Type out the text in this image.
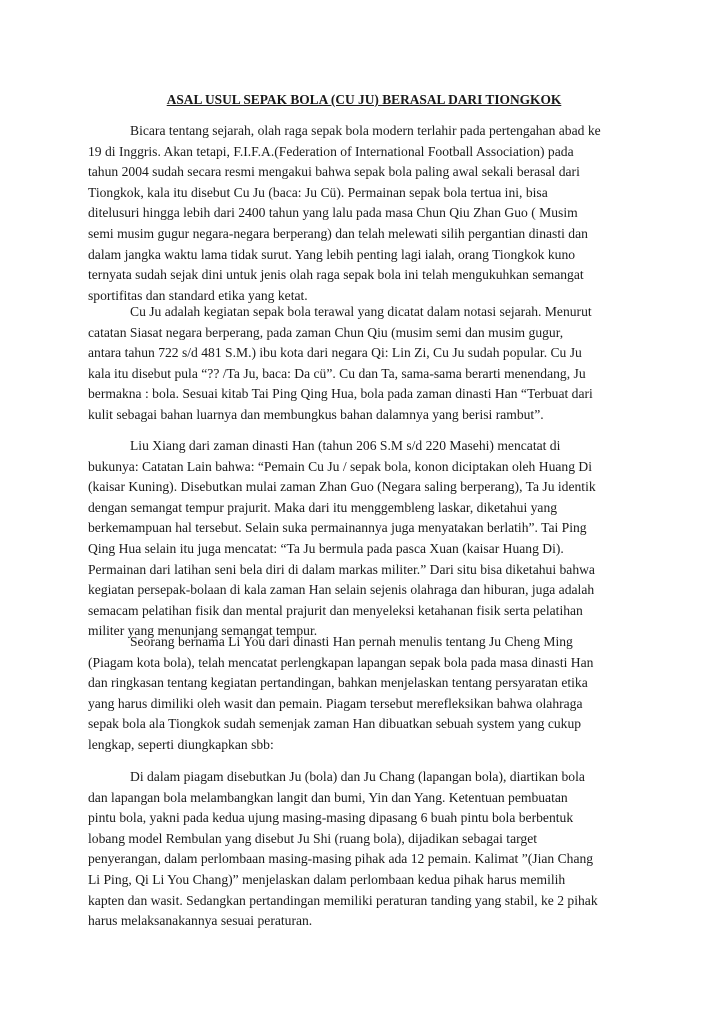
ASAL USUL SEPAK BOLA (CU JU) BERASAL DARI TIONGKOK

Bicara tentang sejarah, olah raga sepak bola modern terlahir pada pertengahan abad ke
19 di Inggris. Akan tetapi, F.I.F.A.(Federation of International Football Association) pada
tahun 2004 sudah secara resmi mengakui bahwa sepak bola paling awal sekali berasal dari
Tiongkok, kala itu disebut Cu Ju (baca: Ju Cü). Permainan sepak bola tertua ini, bisa
ditelusuri hingga lebih dari 2400 tahun yang lalu pada masa Chun Qiu Zhan Guo ( Musim
semi musim gugur negara-negara berperang) dan telah melewati silih pergantian dinasti dan
dalam jangka waktu lama tidak surut. Yang lebih penting lagi ialah, orang Tiongkok kuno
ternyata sudah sejak dini untuk jenis olah raga sepak bola ini telah mengukuhkan semangat
sportifitas dan standard etika yang ketat.

Cu Ju adalah kegiatan sepak bola terawal yang dicatat dalam notasi sejarah. Menurut
catatan Siasat negara berperang, pada zaman Chun Qiu (musim semi dan musim gugur,
antara tahun 722 s/d 481 S.M.) ibu kota dari negara Qi: Lin Zi, Cu Ju sudah popular. Cu Ju
kala itu disebut pula “?? /Ta Ju, baca: Da cü”. Cu dan Ta, sama-sama berarti menendang, Ju
bermakna : bola. Sesuai kitab Tai Ping Qing Hua, bola pada zaman dinasti Han “Terbuat dari
kulit sebagai bahan luarnya dan membungkus bahan dalamnya yang berisi rambut”.

Liu Xiang dari zaman dinasti Han (tahun 206 S.M s/d 220 Masehi) mencatat di
bukunya: Catatan Lain bahwa: “Pemain Cu Ju / sepak bola, konon diciptakan oleh Huang Di
(kaisar Kuning). Disebutkan mulai zaman Zhan Guo (Negara saling berperang), Ta Ju identik
dengan semangat tempur prajurit. Maka dari itu menggembleng laskar, diketahui yang
berkemampuan hal tersebut. Selain suka permainannya juga menyatakan berlatih”. Tai Ping
Qing Hua selain itu juga mencatat: “Ta Ju bermula pada pasca Xuan (kaisar Huang Di).
Permainan dari latihan seni bela diri di dalam markas militer.” Dari situ bisa diketahui bahwa
kegiatan persepak-bolaan di kala zaman Han selain sejenis olahraga dan hiburan, juga adalah
semacam pelatihan fisik dan mental prajurit dan menyeleksi ketahanan fisik serta pelatihan
militer yang menunjang semangat tempur.

Seorang bernama Li You dari dinasti Han pernah menulis tentang Ju Cheng Ming
(Piagam kota bola), telah mencatat perlengkapan lapangan sepak bola pada masa dinasti Han
dan ringkasan tentang kegiatan pertandingan, bahkan menjelaskan tentang persyaratan etika
yang harus dimiliki oleh wasit dan pemain. Piagam tersebut merefleksikan bahwa olahraga
sepak bola ala Tiongkok sudah semenjak zaman Han dibuatkan sebuah system yang cukup
lengkap, seperti diungkapkan sbb:

Di dalam piagam disebutkan Ju (bola) dan Ju Chang (lapangan bola), diartikan bola
dan lapangan bola melambangkan langit dan bumi, Yin dan Yang. Ketentuan pembuatan
pintu bola, yakni pada kedua ujung masing-masing dipasang 6 buah pintu bola berbentuk
lobang model Rembulan yang disebut Ju Shi (ruang bola), dijadikan sebagai target
penyerangan, dalam perlombaan masing-masing pihak ada 12 pemain. Kalimat ”(Jian Chang
Li Ping, Qi Li You Chang)” menjelaskan dalam perlombaan kedua pihak harus memilih
kapten dan wasit. Sedangkan pertandingan memiliki peraturan tanding yang stabil, ke 2 pihak
harus melaksanakannya sesuai peraturan.
